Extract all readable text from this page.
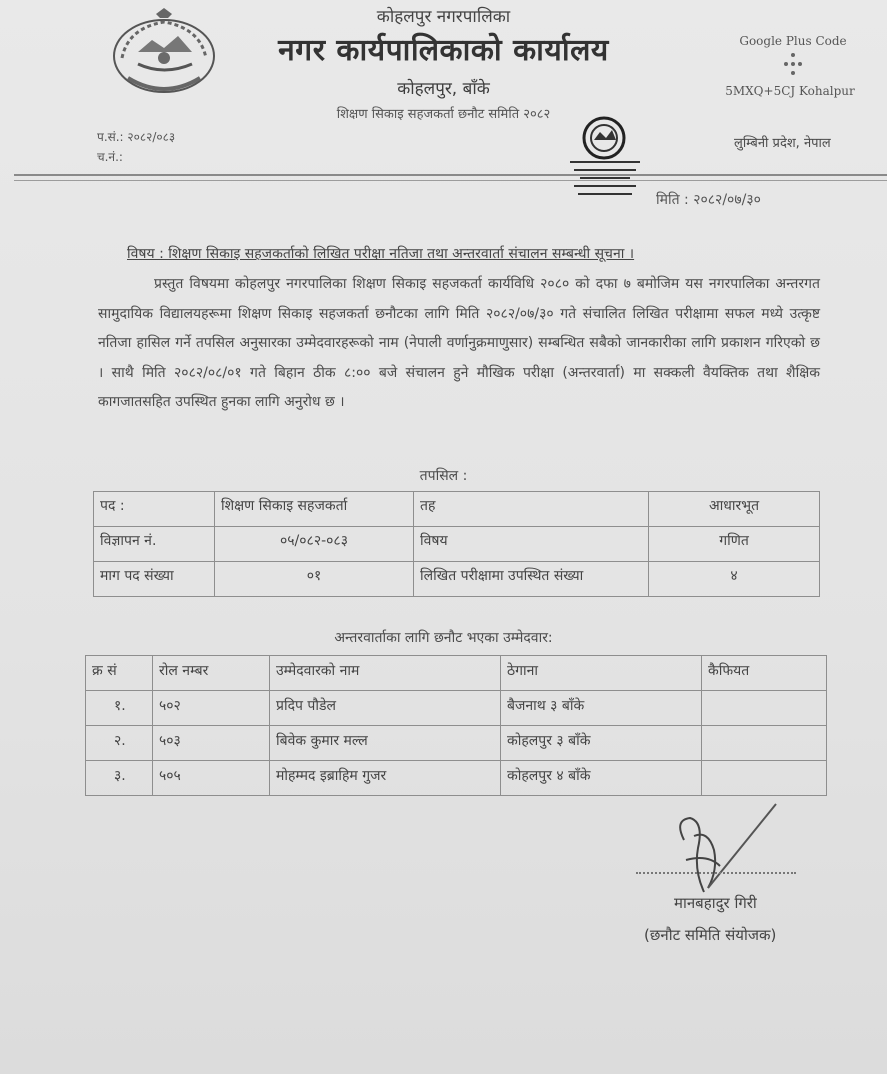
कोहलपुर नगरपालिका
नगर कार्यपालिकाको कार्यालय
कोहलपुर, बाँके
शिक्षण सिकाइ सहजकर्ता छनौट समिति २०८२
Google Plus Code
5MXQ+5CJ Kohalpur
प.सं.: २०८२/०८३
च.नं.:
लुम्बिनी प्रदेश, नेपाल
मिति : २०८२/०७/३०
विषय : शिक्षण सिकाइ सहजकर्ताको लिखित परीक्षा नतिजा तथा अन्तरवार्ता संचालन सम्बन्धी सूचना ।
प्रस्तुत विषयमा कोहलपुर नगरपालिका शिक्षण सिकाइ सहजकर्ता कार्यविधि २०८० को दफा ७ बमोजिम यस नगरपालिका अन्तरगत सामुदायिक विद्यालयहरूमा शिक्षण सिकाइ सहजकर्ता छनौटका लागि मिति २०८२/०७/३० गते संचालित लिखित परीक्षामा सफल मध्ये उत्कृष्ट नतिजा हासिल गर्ने तपसिल अनुसारका उम्मेदवारहरूको नाम (नेपाली वर्णानुक्रमाणुसार) सम्बन्धित सबैको जानकारीका लागि प्रकाशन गरिएको छ । साथै मिति २०८२/०८/०१ गते बिहान ठीक ८:०० बजे संचालन हुने मौखिक परीक्षा (अन्तरवार्ता) मा सक्कली वैयक्तिक तथा शैक्षिक कागजातसहित उपस्थित हुनका लागि अनुरोध छ ।
तपसिल :
पद :	शिक्षण सिकाइ सहजकर्ता	तह	आधारभूत
विज्ञापन नं.	०५/०८२-०८३	विषय	गणित
माग पद संख्या	०१	लिखित परीक्षामा उपस्थित संख्या	४
अन्तरवार्ताका लागि छनौट भएका उम्मेदवार:
क्र सं	रोल नम्बर	उम्मेदवारको नाम	ठेगाना	कैफियत
१.	५०२	प्रदिप पौडेल	बैजनाथ ३ बाँके	
२.	५०३	बिवेक कुमार मल्ल	कोहलपुर ३ बाँके	
३.	५०५	मोहम्मद इब्राहिम गुजर	कोहलपुर ४ बाँके	
मानबहादुर गिरी
(छनौट समिति संयोजक)
